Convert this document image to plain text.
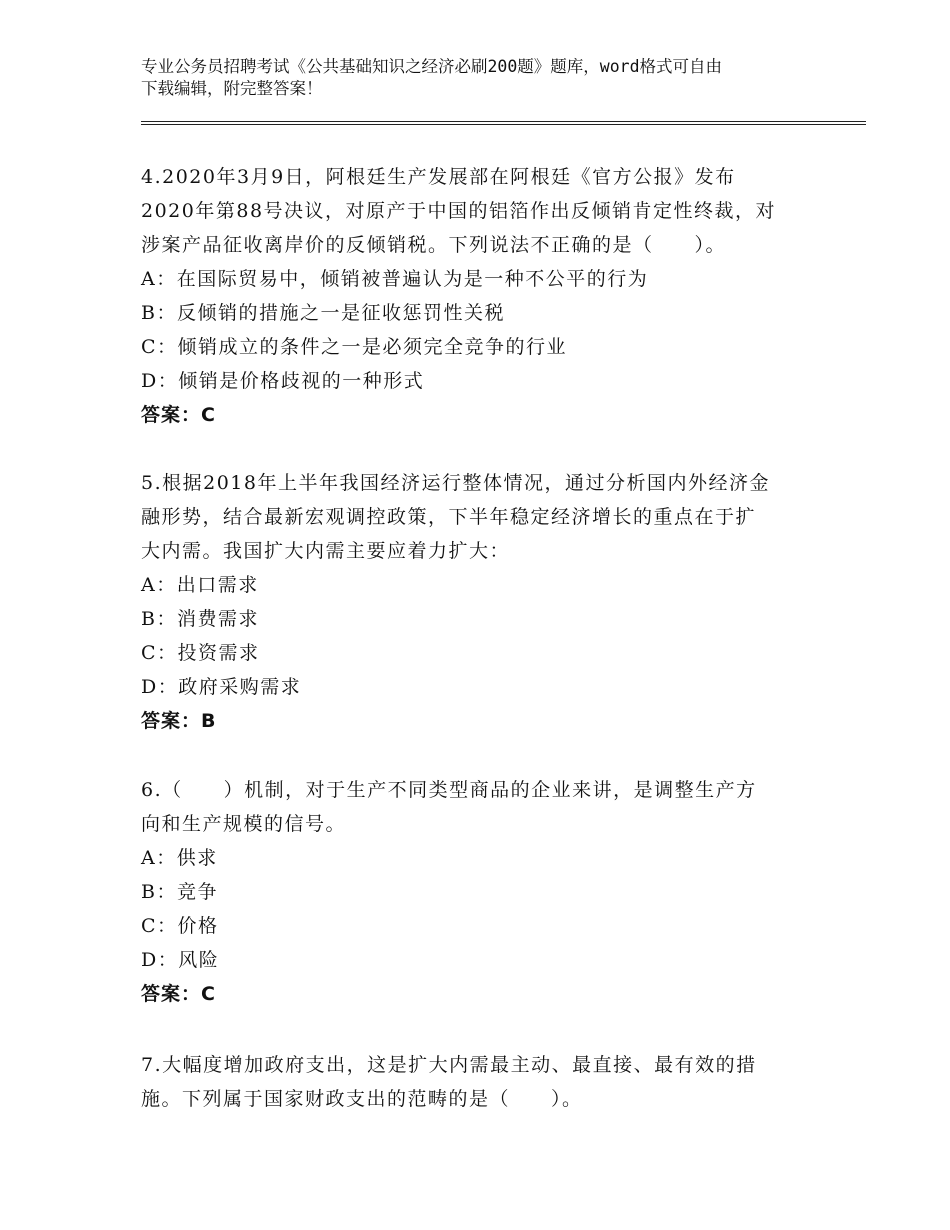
专业公务员招聘考试《公共基础知识之经济必刷200题》题库，word格式可自由
下载编辑，附完整答案！
4.2020年3月9日，阿根廷生产发展部在阿根廷《官方公报》发布
2020年第88号决议，对原产于中国的铝箔作出反倾销肯定性终裁，对
涉案产品征收离岸价的反倾销税。下列说法不正确的是（　　）。
A：在国际贸易中，倾销被普遍认为是一种不公平的行为
B：反倾销的措施之一是征收惩罚性关税
C：倾销成立的条件之一是必须完全竞争的行业
D：倾销是价格歧视的一种形式
答案：C
5.根据2018年上半年我国经济运行整体情况，通过分析国内外经济金
融形势，结合最新宏观调控政策，下半年稳定经济增长的重点在于扩
大内需。我国扩大内需主要应着力扩大：
A：出口需求
B：消费需求
C：投资需求
D：政府采购需求
答案：B
6.（　　）机制，对于生产不同类型商品的企业来讲，是调整生产方
向和生产规模的信号。
A：供求
B：竞争
C：价格
D：风险
答案：C
7.大幅度增加政府支出，这是扩大内需最主动、最直接、最有效的措
施。下列属于国家财政支出的范畴的是（　　）。
